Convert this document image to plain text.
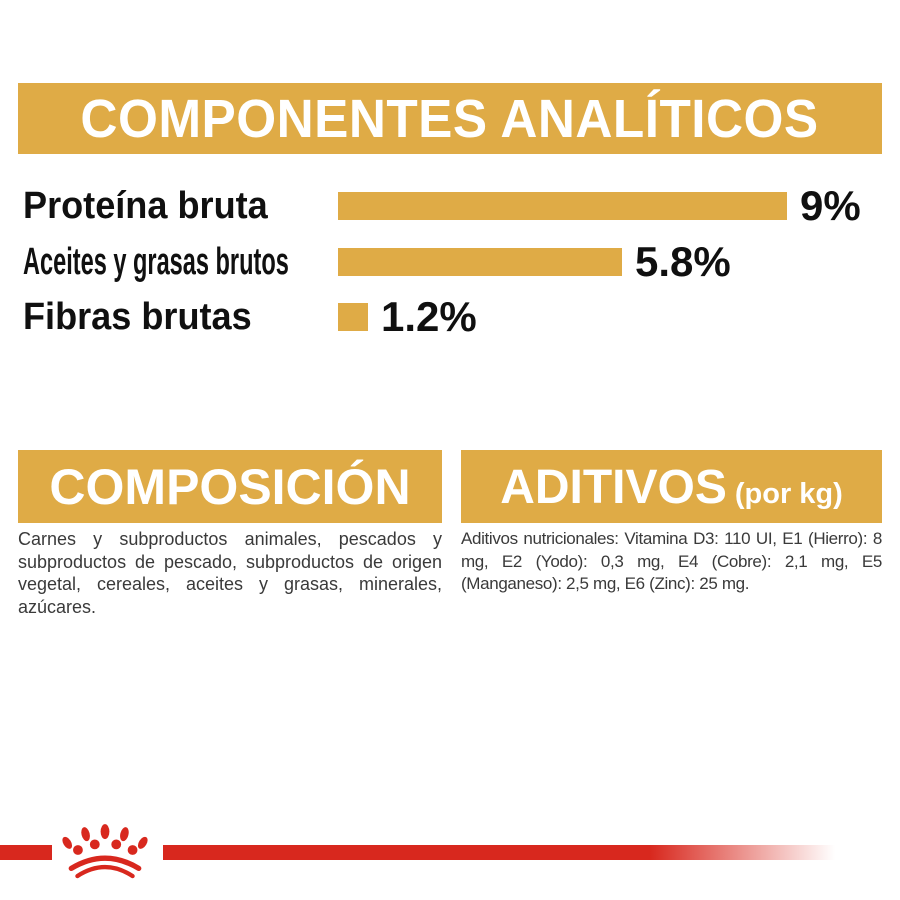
COMPONENTES ANALÍTICOS
Proteína bruta	9%
Aceites y grasas brutos	5.8%
Fibras brutas	1.2%
COMPOSICIÓN
Carnes y subproductos animales, pescados y subproductos de pescado, subproductos de origen vegetal, cereales, aceites y grasas, minerales, azúcares.
ADITIVOS (por kg)
Aditivos nutricionales: Vitamina D3: 110 UI, E1 (Hierro): 8 mg, E2 (Yodo): 0,3 mg, E4 (Cobre): 2,1 mg, E5 (Manganeso): 2,5 mg, E6 (Zinc): 25 mg.
